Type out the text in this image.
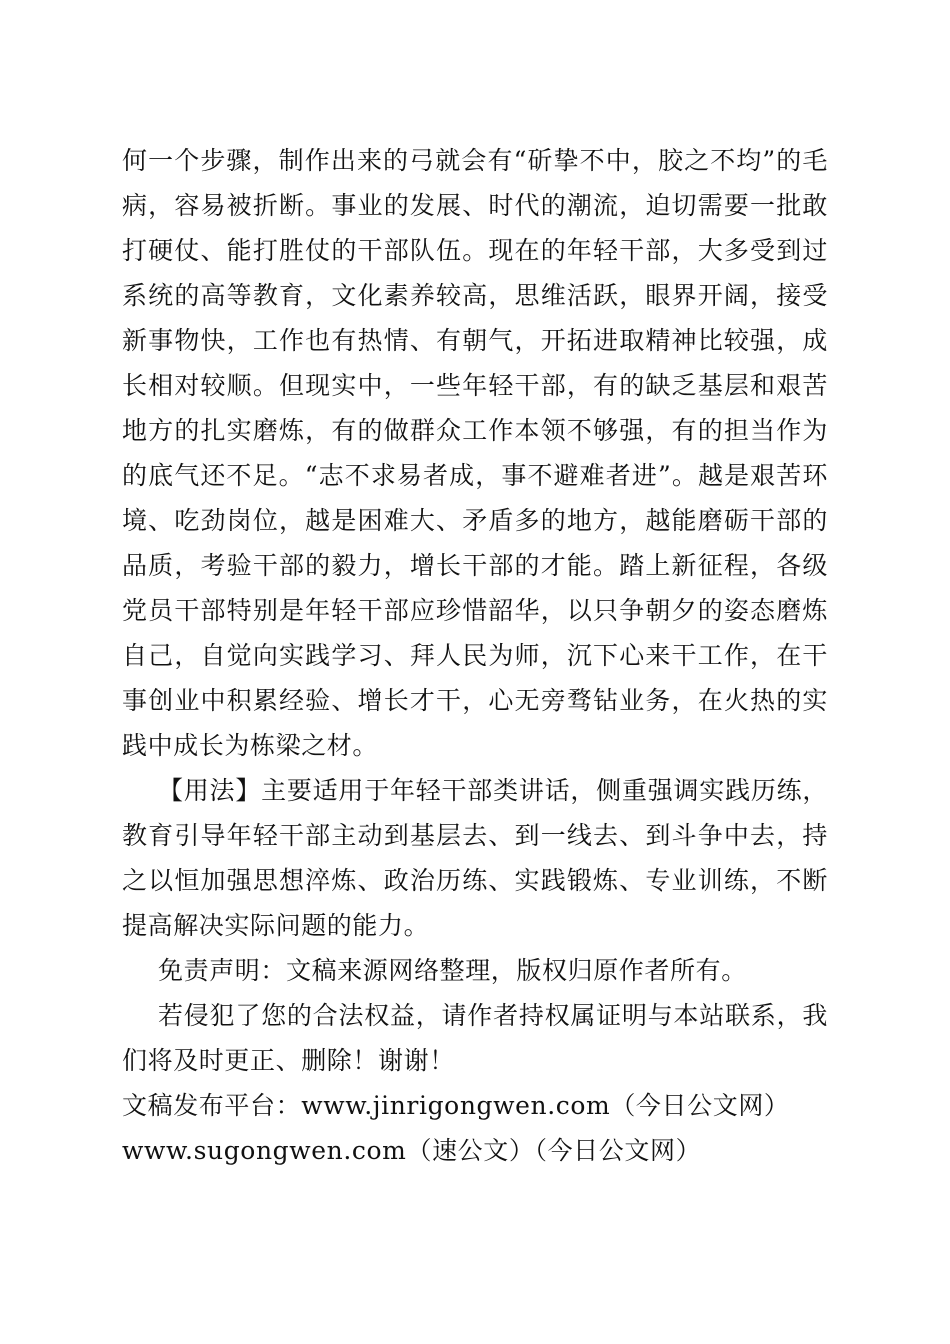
何一个步骤，制作出来的弓就会有“斫挚不中，胶之不均”的毛病，容易被折断。事业的发展、时代的潮流，迫切需要一批敢打硬仗、能打胜仗的干部队伍。现在的年轻干部，大多受到过系统的高等教育，文化素养较高，思维活跃，眼界开阔，接受新事物快，工作也有热情、有朝气，开拓进取精神比较强，成长相对较顺。但现实中，一些年轻干部，有的缺乏基层和艰苦地方的扎实磨炼，有的做群众工作本领不够强，有的担当作为的底气还不足。“志不求易者成，事不避难者进”。越是艰苦环境、吃劲岗位，越是困难大、矛盾多的地方，越能磨砺干部的品质，考验干部的毅力，增长干部的才能。踏上新征程，各级党员干部特别是年轻干部应珍惜韶华，以只争朝夕的姿态磨炼自己，自觉向实践学习、拜人民为师，沉下心来干工作，在干事创业中积累经验、增长才干，心无旁骛钻业务，在火热的实践中成长为栋梁之材。

【用法】主要适用于年轻干部类讲话，侧重强调实践历练，教育引导年轻干部主动到基层去、到一线去、到斗争中去，持之以恒加强思想淬炼、政治历练、实践锻炼、专业训练，不断提高解决实际问题的能力。

免责声明：文稿来源网络整理，版权归原作者所有。

若侵犯了您的合法权益，请作者持权属证明与本站联系，我们将及时更正、删除！谢谢！

文稿发布平台：www.jinrigongwen.com（今日公文网）

www.sugongwen.com（速公文）（今日公文网）
